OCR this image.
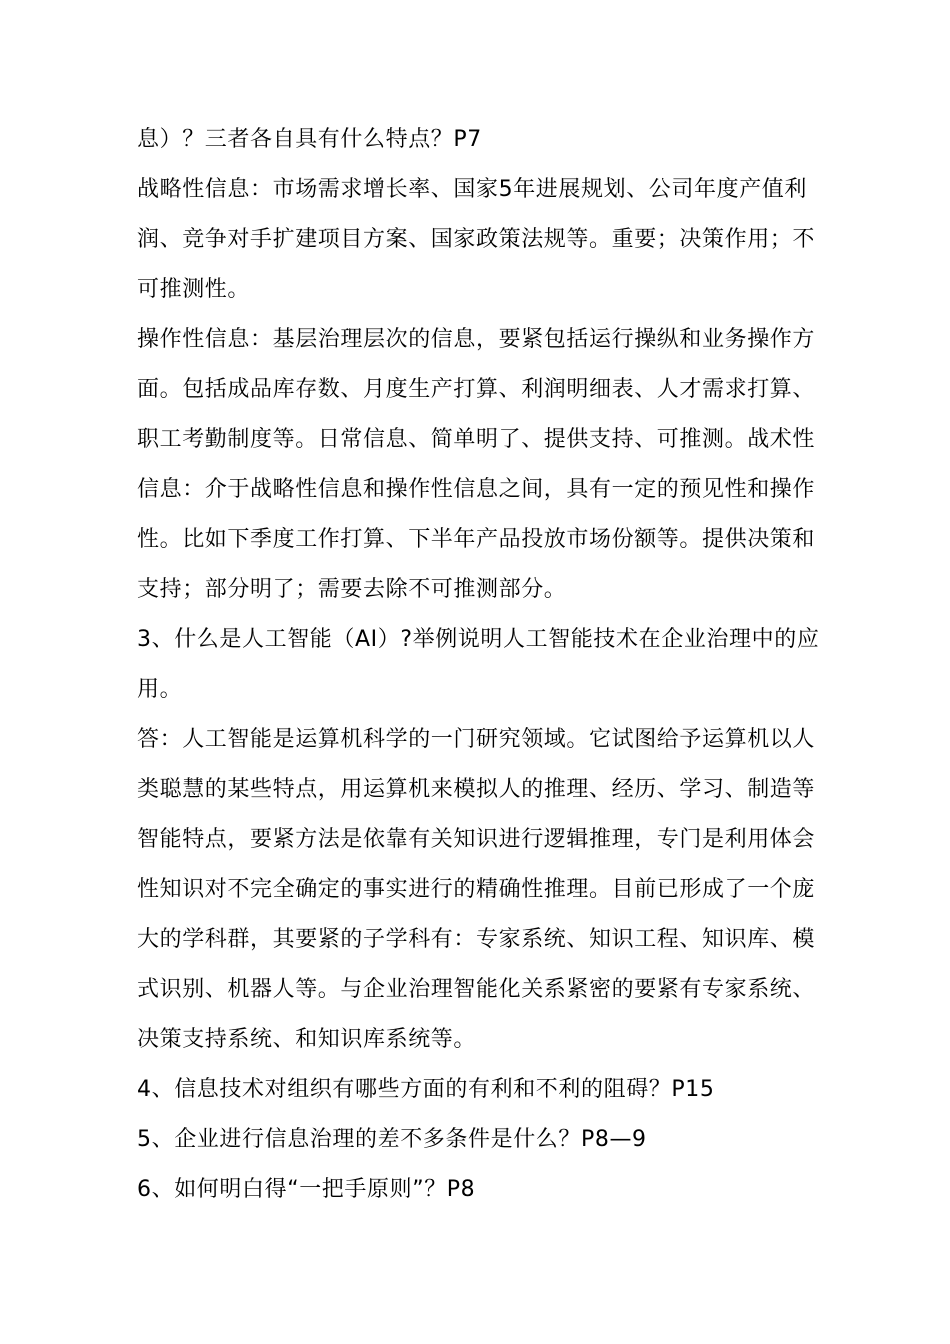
息）？三者各自具有什么特点？P7
战略性信息：市场需求增长率、国家5年进展规划、公司年度产值利
润、竞争对手扩建项目方案、国家政策法规等。重要；决策作用；不
可推测性。
操作性信息：基层治理层次的信息，要紧包括运行操纵和业务操作方
面。包括成品库存数、月度生产打算、利润明细表、人才需求打算、
职工考勤制度等。日常信息、简单明了、提供支持、可推测。战术性
信息：介于战略性信息和操作性信息之间，具有一定的预见性和操作
性。比如下季度工作打算、下半年产品投放市场份额等。提供决策和
支持；部分明了；需要去除不可推测部分。
3、什么是人工智能（AI）?举例说明人工智能技术在企业治理中的应
用。
答：人工智能是运算机科学的一门研究领域。它试图给予运算机以人
类聪慧的某些特点，用运算机来模拟人的推理、经历、学习、制造等
智能特点，要紧方法是依靠有关知识进行逻辑推理，专门是利用体会
性知识对不完全确定的事实进行的精确性推理。目前已形成了一个庞
大的学科群，其要紧的子学科有：专家系统、知识工程、知识库、模
式识别、机器人等。与企业治理智能化关系紧密的要紧有专家系统、
决策支持系统、和知识库系统等。
4、信息技术对组织有哪些方面的有利和不利的阻碍？P15
5、企业进行信息治理的差不多条件是什么？P8—9
6、如何明白得“一把手原则”？P8
